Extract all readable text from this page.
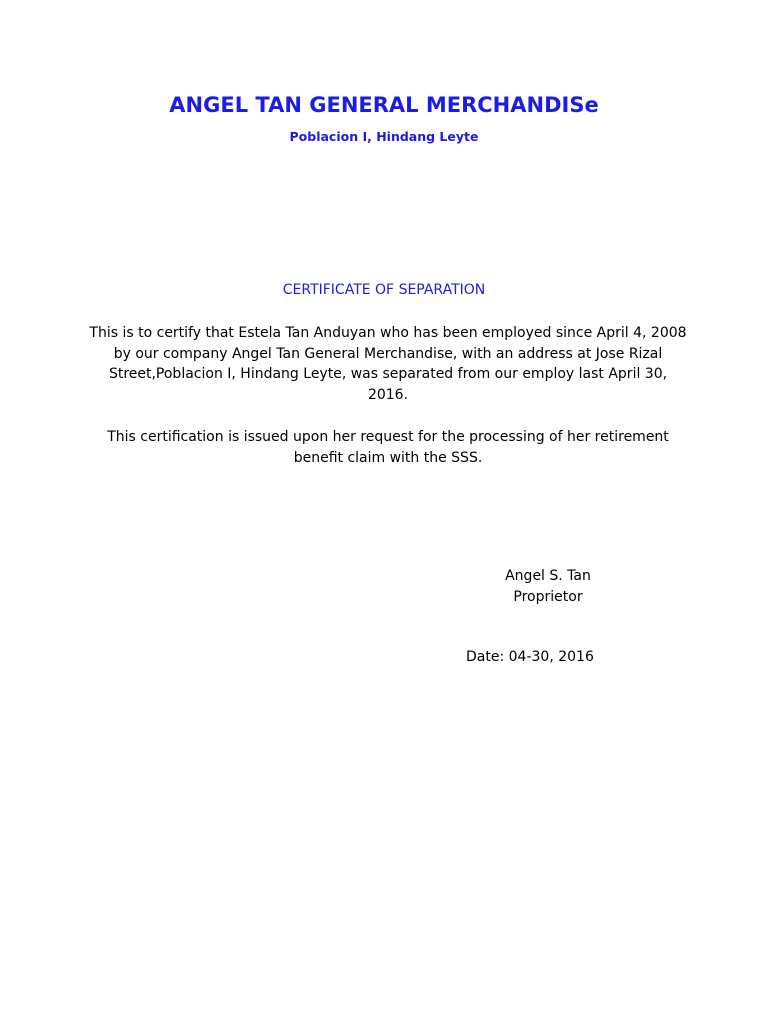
ANGEL TAN GENERAL MERCHANDISe

Poblacion I, Hindang Leyte

CERTIFICATE OF SEPARATION

This is to certify that Estela Tan Anduyan who has been employed since April 4, 2008 by our company Angel Tan General Merchandise, with an address at Jose Rizal Street,Poblacion I, Hindang Leyte, was separated from our employ last April 30, 2016.

This certification is issued upon her request for the processing of her retirement benefit claim with the SSS.

Angel S. Tan
Proprietor
Date: 04-30, 2016
